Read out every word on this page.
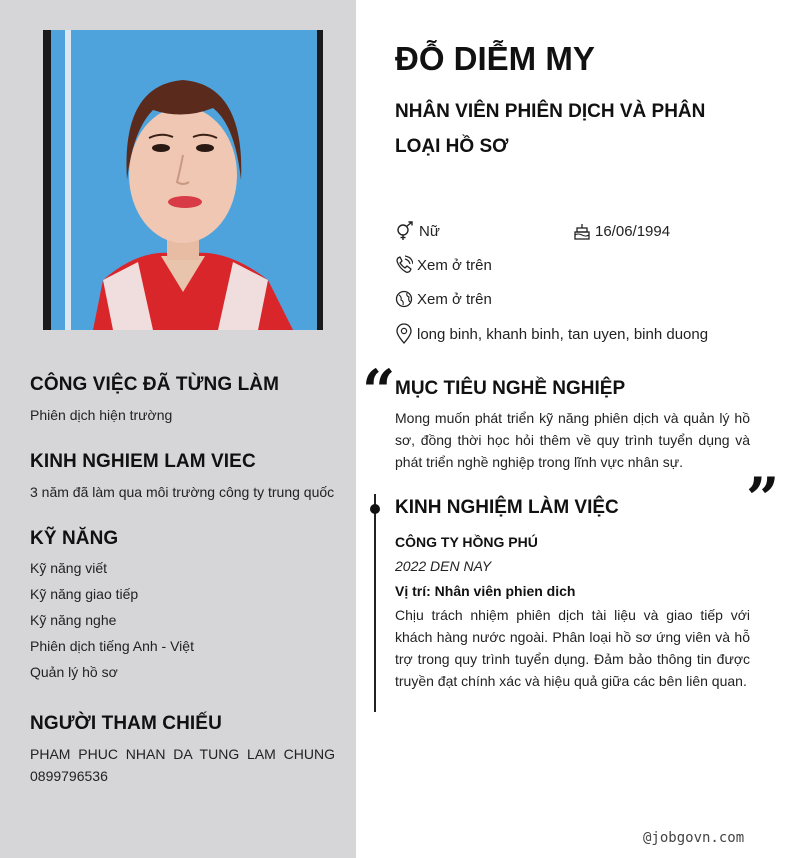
CÔNG VIỆC ĐÃ TỪNG LÀM

Phiên dịch hiện trường

KINH NGHIEM LAM VIEC

3 năm đã làm qua môi trường công ty trung quốc

KỸ NĂNG
Kỹ năng viết
Kỹ năng giao tiếp
Kỹ năng nghe
Phiên dịch tiếng Anh - Việt
Quản lý hồ sơ
NGƯỜI THAM CHIẾU
PHAM PHUC NHAN DA TUNG LAM CHUNG 0899796536
ĐỖ DIỄM MY
NHÂN VIÊN PHIÊN DỊCH VÀ PHÂN LOẠI HỒ SƠ
Nữ	16/06/1994
Xem ở trên
Xem ở trên
long binh, khanh binh, tan uyen, binh duong
“ MỤC TIÊU NGHỀ NGHIỆP
Mong muốn phát triển kỹ năng phiên dịch và quản lý hồ sơ, đồng thời học hỏi thêm về quy trình tuyển dụng và phát triển nghề nghiệp trong lĩnh vực nhân sự.
”
KINH NGHIỆM LÀM VIỆC
CÔNG TY HỒNG PHÚ
2022 DEN NAY
Vị trí: Nhân viên phien dich
Chịu trách nhiệm phiên dịch tài liệu và giao tiếp với khách hàng nước ngoài. Phân loại hồ sơ ứng viên và hỗ trợ trong quy trình tuyển dụng. Đảm bảo thông tin được truyền đạt chính xác và hiệu quả giữa các bên liên quan.
@jobgovn.com
